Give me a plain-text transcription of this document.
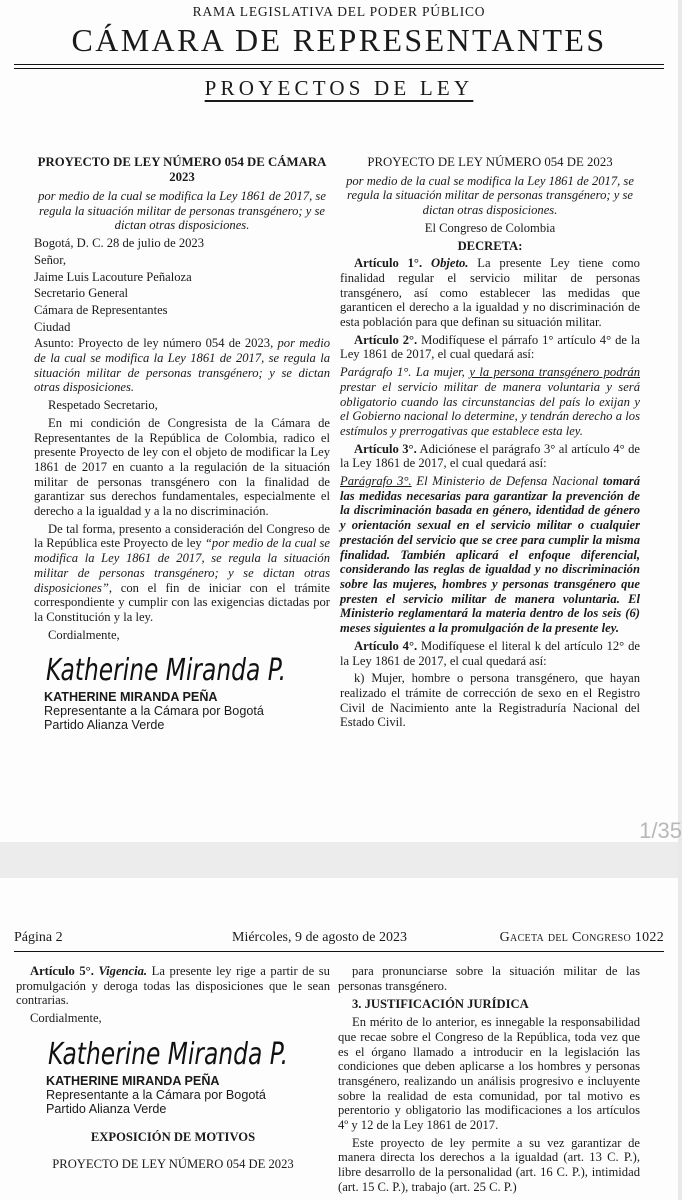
RAMA LEGISLATIVA DEL PODER PÚBLICO
CÁMARA DE REPRESENTANTES
PROYECTOS DE LEY

PROYECTO DE LEY NÚMERO 054 DE CÁMARA 2023

por medio de la cual se modifica la Ley 1861 de 2017, se regula la situación militar de personas transgénero; y se dictan otras disposiciones.

Bogotá, D. C. 28 de julio de 2023

Señor,

Jaime Luis Lacouture Peñaloza

Secretario General

Cámara de Representantes

Ciudad

Asunto: Proyecto de ley número 054 de 2023, por medio de la cual se modifica la Ley 1861 de 2017, se regula la situación militar de personas transgénero; y se dictan otras disposiciones.

Respetado Secretario,

En mi condición de Congresista de la Cámara de Representantes de la República de Colombia, radico el presente Proyecto de ley con el objeto de modificar la Ley 1861 de 2017 en cuanto a la regulación de la situación militar de personas transgénero con la finalidad de garantizar sus derechos fundamentales, especialmente el derecho a la igualdad y a la no discriminación.

De tal forma, presento a consideración del Congreso de la República este Proyecto de ley “por medio de la cual se modifica la Ley 1861 de 2017, se regula la situación militar de personas transgénero; y se dictan otras disposiciones”, con el fin de iniciar con el trámite correspondiente y cumplir con las exigencias dictadas por la Constitución y la ley.

Cordialmente,

Katherine Miranda P.
KATHERINE MIRANDA PEÑA
Representante a la Cámara por Bogotá
Partido Alianza Verde

PROYECTO DE LEY NÚMERO 054 DE 2023

por medio de la cual se modifica la Ley 1861 de 2017, se regula la situación militar de personas transgénero; y se dictan otras disposiciones.

El Congreso de Colombia

DECRETA:

Artículo 1°. Objeto. La presente Ley tiene como finalidad regular el servicio militar de personas transgénero, así como establecer las medidas que garanticen el derecho a la igualdad y no discriminación de esta población para que definan su situación militar.

Artículo 2°. Modifíquese el párrafo 1° artículo 4° de la Ley 1861 de 2017, el cual quedará así:

Parágrafo 1°. La mujer, y la persona transgénero podrán prestar el servicio militar de manera voluntaria y será obligatorio cuando las circunstancias del país lo exijan y el Gobierno nacional lo determine, y tendrán derecho a los estímulos y prerrogativas que establece esta ley.

Artículo 3°. Adiciónese el parágrafo 3° al artículo 4° de la Ley 1861 de 2017, el cual quedará así:

Parágrafo 3°. El Ministerio de Defensa Nacional tomará las medidas necesarias para garantizar la prevención de la discriminación basada en género, identidad de género y orientación sexual en el servicio militar o cualquier prestación del servicio que se cree para cumplir la misma finalidad. También aplicará el enfoque diferencial, considerando las reglas de igualdad y no discriminación sobre las mujeres, hombres y personas transgénero que presten el servicio militar de manera voluntaria. El Ministerio reglamentará la materia dentro de los seis (6) meses siguientes a la promulgación de la presente ley.

Artículo 4°. Modifíquese el literal k del artículo 12° de la Ley 1861 de 2017, el cual quedará así:

k) Mujer, hombre o persona transgénero, que hayan realizado el trámite de corrección de sexo en el Registro Civil de Nacimiento ante la Registraduría Nacional del Estado Civil.

1/35
Página 2	Miércoles, 9 de agosto de 2023	Gaceta del Congreso 1022

Artículo 5°. Vigencia. La presente ley rige a partir de su promulgación y deroga todas las disposiciones que le sean contrarias.

Cordialmente,

Katherine Miranda P.
KATHERINE MIRANDA PEÑA
Representante a la Cámara por Bogotá
Partido Alianza Verde

EXPOSICIÓN DE MOTIVOS

PROYECTO DE LEY NÚMERO 054 DE 2023

para pronunciarse sobre la situación militar de las personas transgénero.

3. JUSTIFICACIÓN JURÍDICA

En mérito de lo anterior, es innegable la responsabilidad que recae sobre el Congreso de la República, toda vez que es el órgano llamado a introducir en la legislación las condiciones que deben aplicarse a los hombres y personas transgénero, realizando un análisis progresivo e incluyente sobre la realidad de esta comunidad, por tal motivo es perentorio y obligatorio las modificaciones a los artículos 4º y 12 de la Ley 1861 de 2017.

Este proyecto de ley permite a su vez garantizar de manera directa los derechos a la igualdad (art. 13 C. P.), libre desarrollo de la personalidad (art. 16 C. P.), intimidad (art. 15 C. P.), trabajo (art. 25 C. P.)
